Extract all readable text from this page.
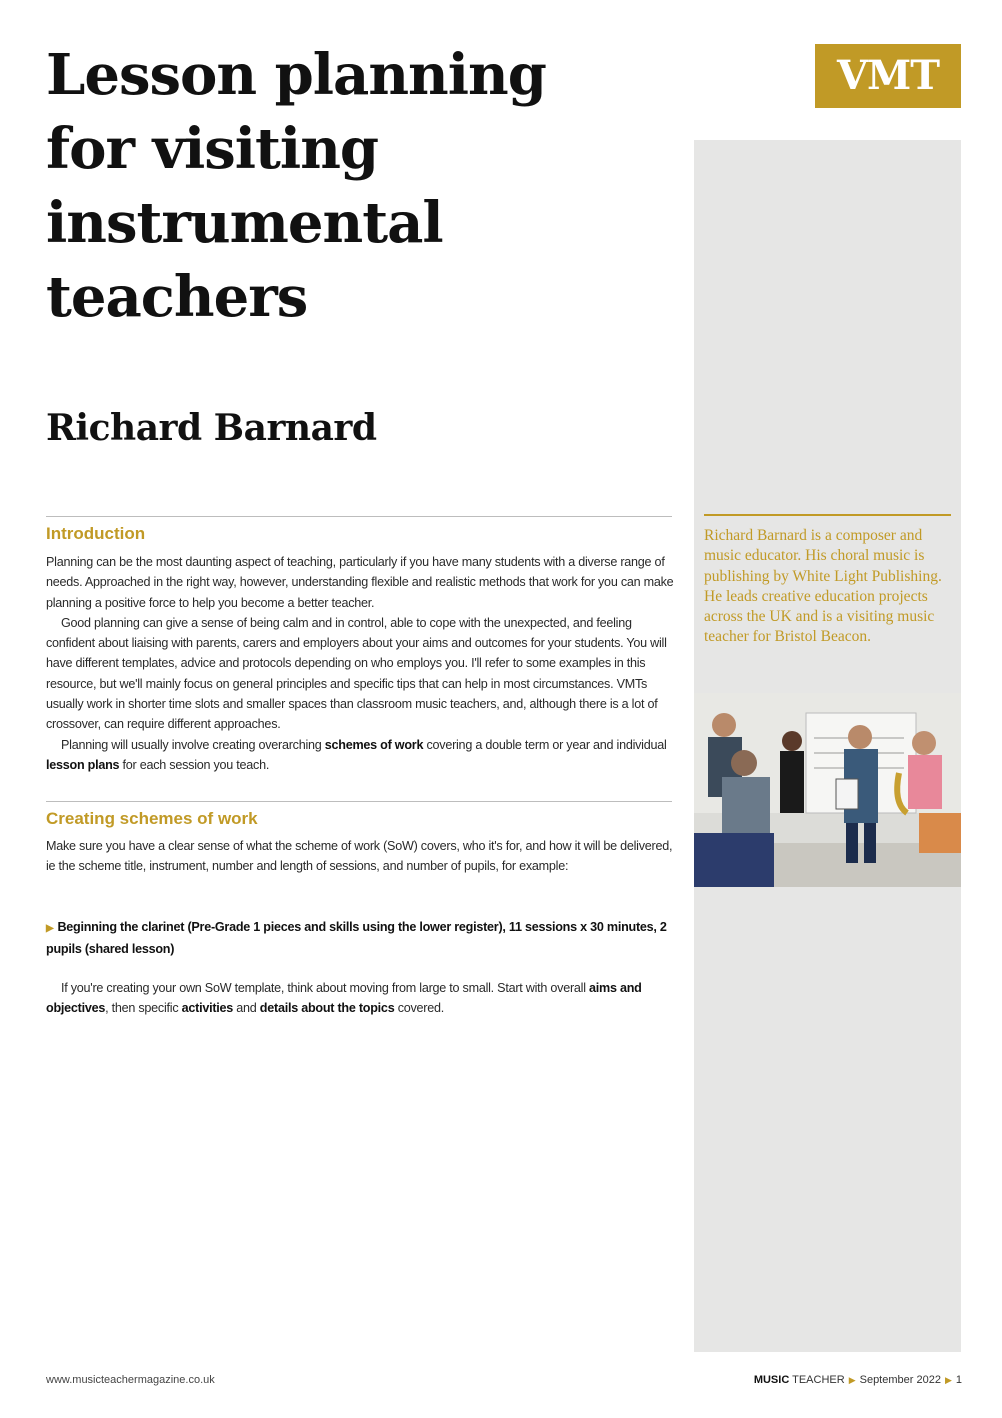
Lesson planning
for visiting
instrumental
teachers
Richard Barnard
VMT
Richard Barnard is a composer and music educator. His choral music is publishing by White Light Publishing. He leads creative education projects across the UK and is a visiting music teacher for Bristol Beacon.
Introduction

Planning can be the most daunting aspect of teaching, particularly if you have many students with a diverse range of needs. Approached in the right way, however, understanding flexible and realistic methods that work for you can make planning a positive force to help you become a better teacher.

Good planning can give a sense of being calm and in control, able to cope with the unexpected, and feeling confident about liaising with parents, carers and employers about your aims and outcomes for your students. You will have different templates, advice and protocols depending on who employs you. I'll refer to some examples in this resource, but we'll mainly focus on general principles and specific tips that can help in most circumstances. VMTs usually work in shorter time slots and smaller spaces than classroom music teachers, and, although there is a lot of crossover, can require different approaches.

Planning will usually involve creating overarching schemes of work covering a double term or year and individual lesson plans for each session you teach.

Creating schemes of work

Make sure you have a clear sense of what the scheme of work (SoW) covers, who it's for, and how it will be delivered, ie the scheme title, instrument, number and length of sessions, and number of pupils, for example:

▶ Beginning the clarinet (Pre-Grade 1 pieces and skills using the lower register), 11 sessions x 30 minutes, 2 pupils (shared lesson)

If you're creating your own SoW template, think about moving from large to small. Start with overall aims and objectives, then specific activities and details about the topics covered.

www.musicteachermagazine.co.uk	MUSIC TEACHER ▶ September 2022 ▶ 1
